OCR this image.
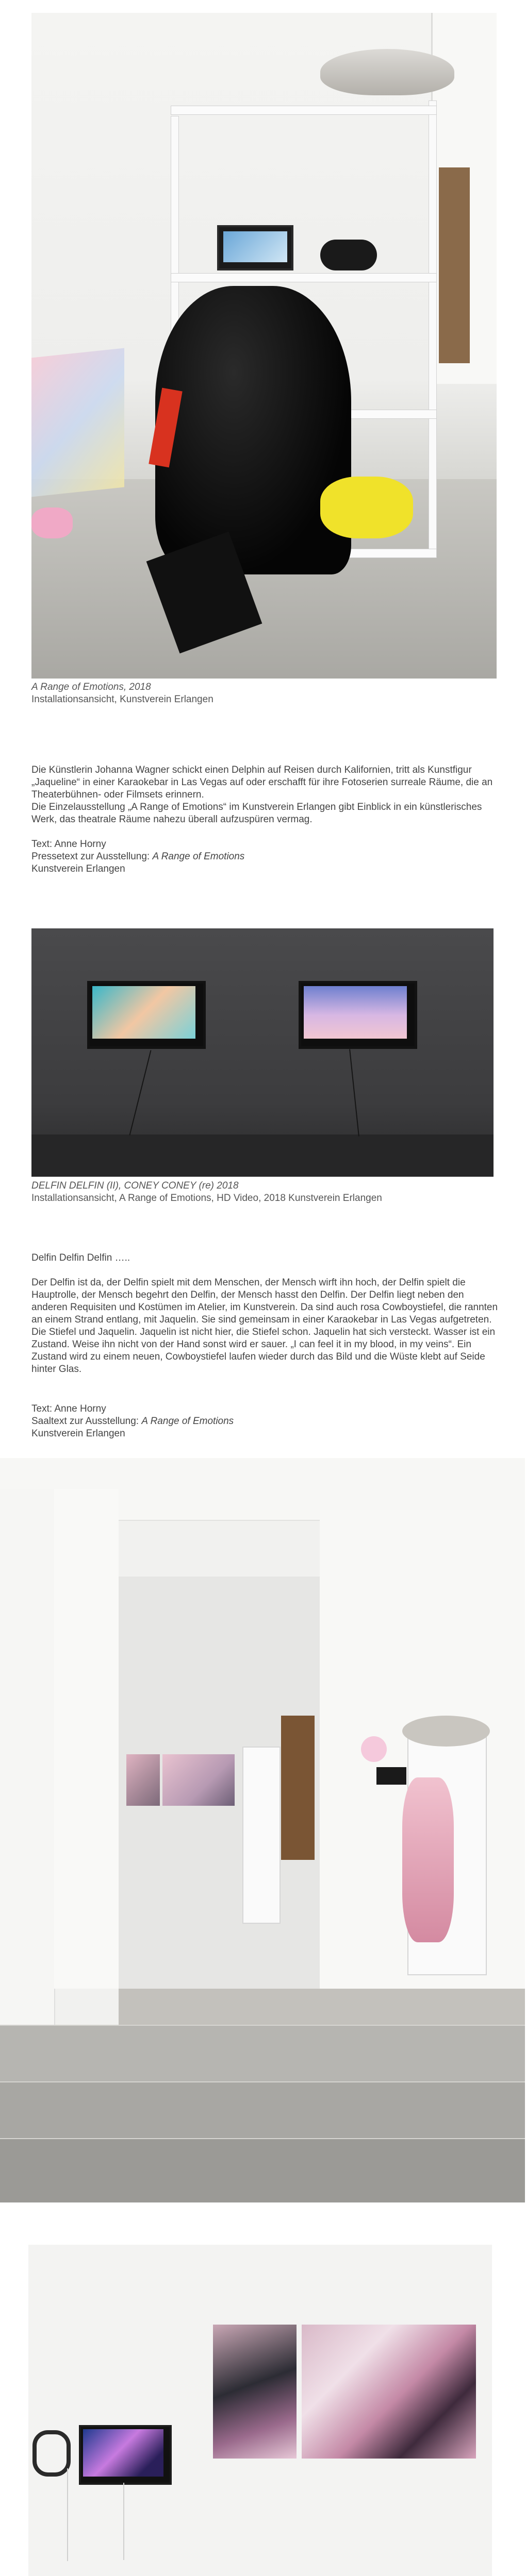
A Range of Emotions, 2018
Installationsansicht, Kunstverein Erlangen

Die Künstlerin Johanna Wagner schickt einen Delphin auf Reisen durch Kalifornien, tritt als Kunstfigur „Jaqueline“ in einer Karaokebar in Las Vegas auf oder erschafft für ihre Fotoserien surreale Räume, die an Theaterbühnen- oder Filmsets erinnern.

Die Einzelausstellung „A Range of Emotions“ im Kunstverein Erlangen gibt Einblick in ein künstlerisches Werk, das theatrale Räume nahezu überall aufzuspüren vermag.

Text: Anne Horny
Pressetext zur Ausstellung: A Range of Emotions
Kunstverein Erlangen
DELFIN DELFIN (II), CONEY CONEY (re) 2018
Installationsansicht, A Range of Emotions, HD Video, 2018 Kunstverein Erlangen

Delfin Delfin Delfin …..

Der Delfin ist da, der Delfin spielt mit dem Menschen, der Mensch wirft ihn hoch, der Delfin spielt die Hauptrolle, der Mensch begehrt den Delfin, der Mensch hasst den Delfin. Der Delfin liegt neben den anderen Requisiten und Kostümen im Atelier, im Kunstverein. Da sind auch rosa Cowboystiefel, die rannten an einem Strand entlang, mit Jaquelin. Sie sind gemeinsam in einer Karaokebar in Las Vegas aufgetreten. Die Stiefel und Jaquelin. Jaquelin ist nicht hier, die Stiefel schon. Jaquelin hat sich versteckt. Wasser ist ein Zustand. Weise ihn nicht von der Hand sonst wird er sauer. „I can feel it in my blood, in my veins“. Ein Zustand wird zu einem neuen, Cowboystiefel laufen wieder durch das Bild und die Wüste klebt auf Seide hinter Glas.

Text: Anne Horny
Saaltext zur Ausstellung: A Range of Emotions
Kunstverein Erlangen
